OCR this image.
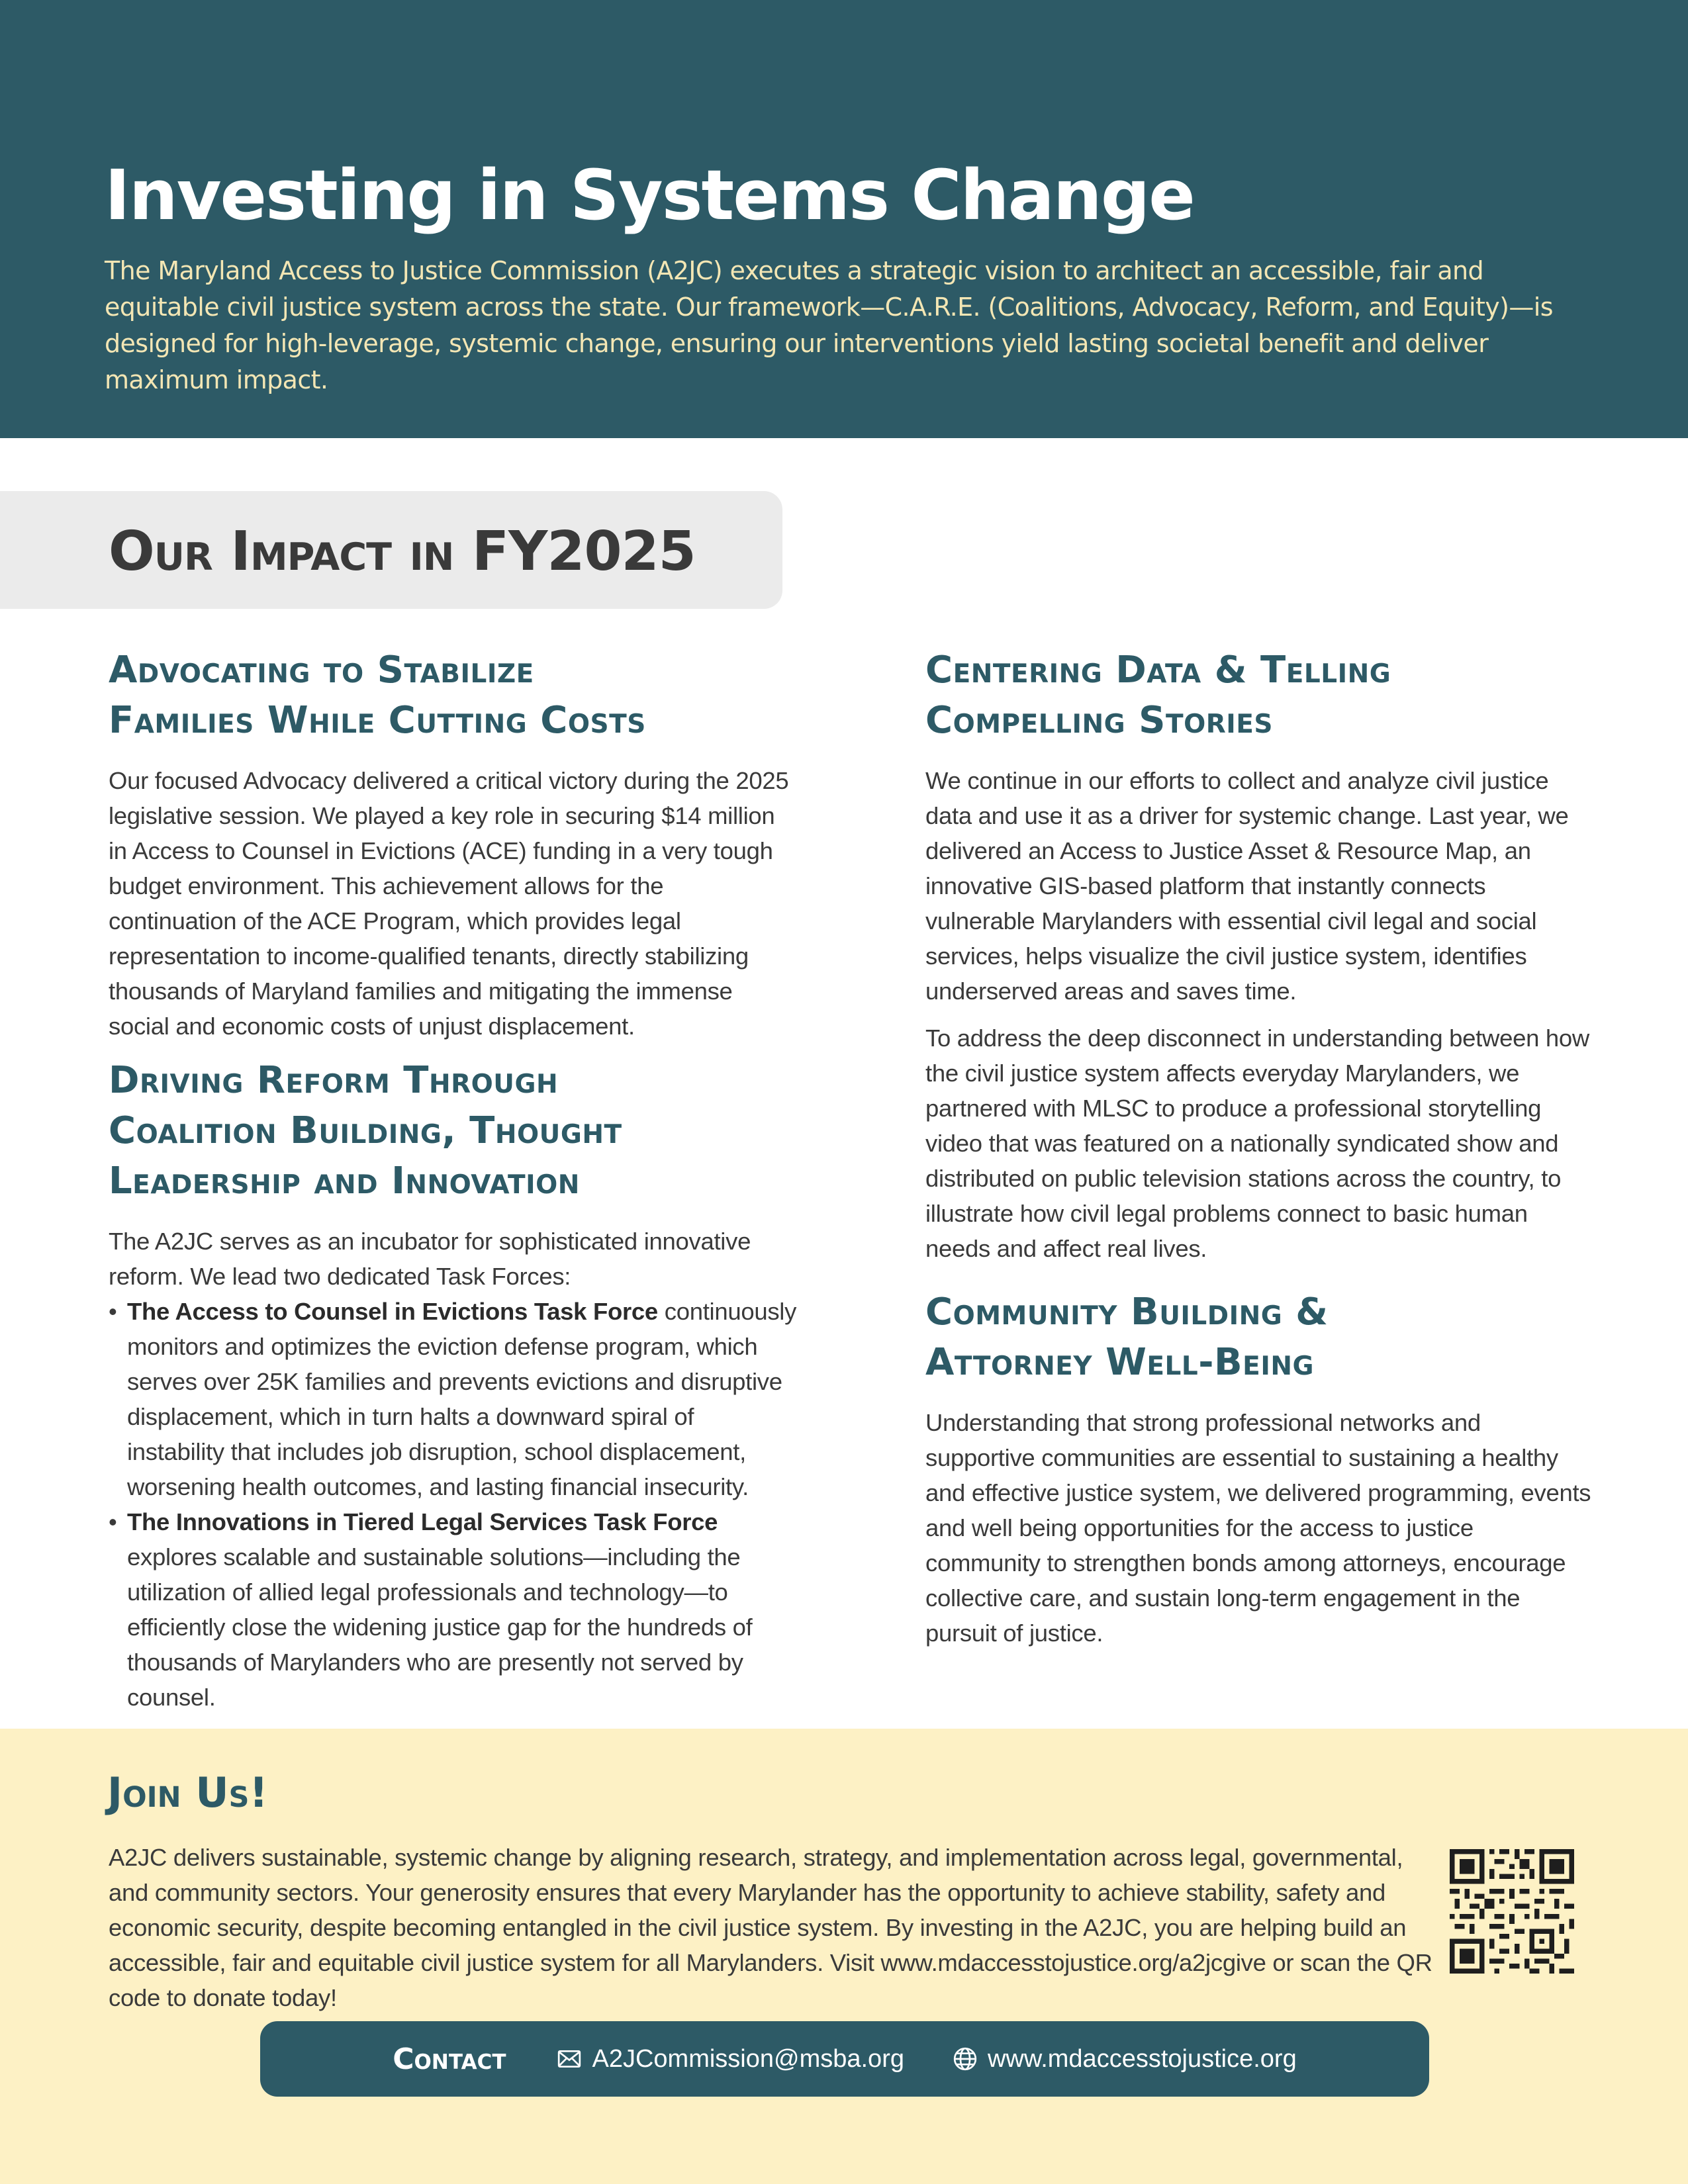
Investing in Systems Change

The Maryland Access to Justice Commission (A2JC) executes a strategic vision to architect an accessible, fair and equitable civil justice system across the state. Our framework—C.A.R.E. (Coalitions, Advocacy, Reform, and Equity)—is designed for high-leverage, systemic change, ensuring our interventions yield lasting societal benefit and deliver maximum impact.

Our Impact in FY2025
Advocating to Stabilize
Families While Cutting Costs

Our focused Advocacy delivered a critical victory during the 2025 legislative session. We played a key role in securing $14 million in Access to Counsel in Evictions (ACE) funding in a very tough budget environment. This achievement allows for the continuation of the ACE Program, which provides legal representation to income-qualified tenants, directly stabilizing thousands of Maryland families and mitigating the immense social and economic costs of unjust displacement.

Driving Reform Through
Coalition Building, Thought
Leadership and Innovation

The A2JC serves as an incubator for sophisticated innovative reform. We lead two dedicated Task Forces:

• The Access to Counsel in Evictions Task Force continuously monitors and optimizes the eviction defense program, which serves over 25K families and prevents evictions and disruptive displacement, which in turn halts a downward spiral of instability that includes job disruption, school displacement, worsening health outcomes, and lasting financial insecurity.
• The Innovations in Tiered Legal Services Task Force explores scalable and sustainable solutions—including the utilization of allied legal professionals and technology—to efficiently close the widening justice gap for the hundreds of thousands of Marylanders who are presently not served by counsel.
Centering Data & Telling
Compelling Stories

We continue in our efforts to collect and analyze civil justice data and use it as a driver for systemic change. Last year, we delivered an Access to Justice Asset & Resource Map, an innovative GIS-based platform that instantly connects vulnerable Marylanders with essential civil legal and social services, helps visualize the civil justice system, identifies underserved areas and saves time.

To address the deep disconnect in understanding between how the civil justice system affects everyday Marylanders, we partnered with MLSC to produce a professional storytelling video that was featured on a nationally syndicated show and distributed on public television stations across the country, to illustrate how civil legal problems connect to basic human needs and affect real lives.

Community Building &
Attorney Well-Being

Understanding that strong professional networks and supportive communities are essential to sustaining a healthy and effective justice system, we delivered programming, events and well being opportunities for the access to justice community to strengthen bonds among attorneys, encourage collective care, and sustain long-term engagement in the pursuit of justice.

Join Us!

A2JC delivers sustainable, systemic change by aligning research, strategy, and implementation across legal, governmental, and community sectors. Your generosity ensures that every Marylander has the opportunity to achieve stability, safety and economic security, despite becoming entangled in the civil justice system. By investing in the A2JC, you are helping build an accessible, fair and equitable civil justice system for all Marylanders. Visit www.mdaccesstojustice.org/a2jcgive or scan the QR code to donate today!

Contact	A2JCommission@msba.org	www.mdaccesstojustice.org
